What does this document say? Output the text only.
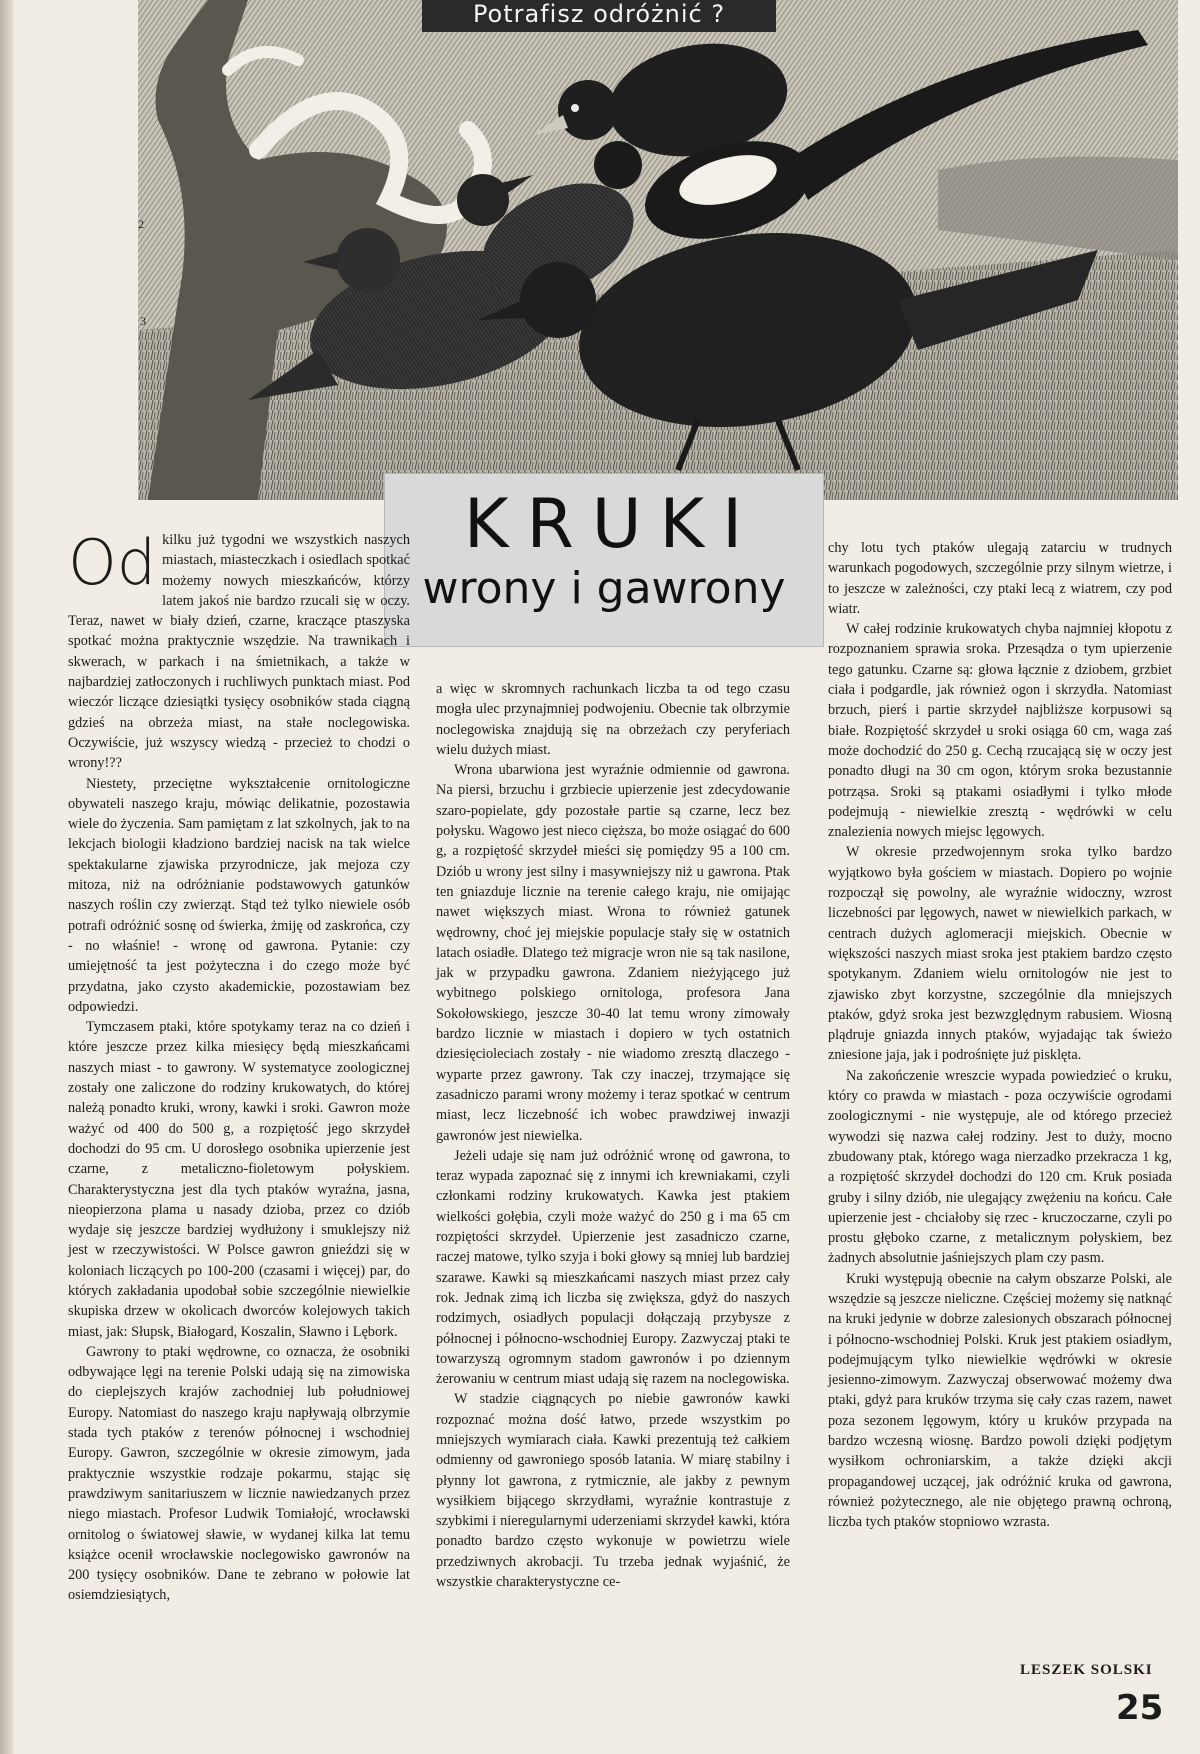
2
3
Potrafisz odróżnić ?
KRUKI
wrony i gawrony

Od kilku już tygodni we wszystkich naszych miastach, miasteczkach i osiedlach spotkać możemy nowych mieszkańców, którzy latem jakoś nie bardzo rzucali się w oczy. Teraz, nawet w biały dzień, czarne, kraczące ptaszyska spotkać można praktycznie wszędzie. Na trawnikach i skwerach, w parkach i na śmietnikach, a także w najbardziej zatłoczonych i ruchliwych punktach miast. Pod wieczór liczące dziesiątki tysięcy osobników stada ciągną gdzieś na obrzeża miast, na stałe noclegowiska. Oczywiście, już wszyscy wiedzą - przecież to chodzi o wrony!??

Niestety, przeciętne wykształcenie ornitologiczne obywateli naszego kraju, mówiąc delikatnie, pozostawia wiele do życzenia. Sam pamiętam z lat szkolnych, jak to na lekcjach biologii kładziono bardziej nacisk na tak wielce spektakularne zjawiska przyrodnicze, jak mejoza czy mitoza, niż na odróżnianie podstawowych gatunków naszych roślin czy zwierząt. Stąd też tylko niewiele osób potrafi odróżnić sosnę od świerka, żmiję od zaskrońca, czy - no właśnie! - wronę od gawrona. Pytanie: czy umiejętność ta jest pożyteczna i do czego może być przydatna, jako czysto akademickie, pozostawiam bez odpowiedzi.

Tymczasem ptaki, które spotykamy teraz na co dzień i które jeszcze przez kilka miesięcy będą mieszkańcami naszych miast - to gawrony. W systematyce zoologicznej zostały one zaliczone do rodziny krukowatych, do której należą ponadto kruki, wrony, kawki i sroki. Gawron może ważyć od 400 do 500 g, a rozpiętość jego skrzydeł dochodzi do 95 cm. U dorosłego osobnika upierzenie jest czarne, z metaliczno-fioletowym połyskiem. Charakterystyczna jest dla tych ptaków wyraźna, jasna, nieopierzona plama u nasady dzioba, przez co dziób wydaje się jeszcze bardziej wydłużony i smuklejszy niż jest w rzeczywistości. W Polsce gawron gnieździ się w koloniach liczących po 100-200 (czasami i więcej) par, do których zakładania upodobał sobie szczególnie niewielkie skupiska drzew w okolicach dworców kolejowych takich miast, jak: Słupsk, Białogard, Koszalin, Sławno i Lębork.

Gawrony to ptaki wędrowne, co oznacza, że osobniki odbywające lęgi na terenie Polski udają się na zimowiska do cieplejszych krajów zachodniej lub południowej Europy. Natomiast do naszego kraju napływają olbrzymie stada tych ptaków z terenów północnej i wschodniej Europy. Gawron, szczególnie w okresie zimowym, jada praktycznie wszystkie rodzaje pokarmu, stając się prawdziwym sanitariuszem w licznie nawiedzanych przez niego miastach. Profesor Ludwik Tomiałojć, wrocławski ornitolog o światowej sławie, w wydanej kilka lat temu książce ocenił wrocławskie noclegowisko gawronów na 200 tysięcy osobników. Dane te zebrano w połowie lat osiemdziesiątych,

a więc w skromnych rachunkach liczba ta od tego czasu mogła ulec przynajmniej podwojeniu. Obecnie tak olbrzymie noclegowiska znajdują się na obrzeżach czy peryferiach wielu dużych miast.

Wrona ubarwiona jest wyraźnie odmiennie od gawrona. Na piersi, brzuchu i grzbiecie upierzenie jest zdecydowanie szaro-popielate, gdy pozostałe partie są czarne, lecz bez połysku. Wagowo jest nieco cięższa, bo może osiągać do 600 g, a rozpiętość skrzydeł mieści się pomiędzy 95 a 100 cm. Dziób u wrony jest silny i masywniejszy niż u gawrona. Ptak ten gniazduje licznie na terenie całego kraju, nie omijając nawet większych miast. Wrona to również gatunek wędrowny, choć jej miejskie populacje stały się w ostatnich latach osiadłe. Dlatego też migracje wron nie są tak nasilone, jak w przypadku gawrona. Zdaniem nieżyjącego już wybitnego polskiego ornitologa, profesora Jana Sokołowskiego, jeszcze 30-40 lat temu wrony zimowały bardzo licznie w miastach i dopiero w tych ostatnich dziesięcioleciach zostały - nie wiadomo zresztą dlaczego - wyparte przez gawrony. Tak czy inaczej, trzymające się zasadniczo parami wrony możemy i teraz spotkać w centrum miast, lecz liczebność ich wobec prawdziwej inwazji gawronów jest niewielka.

Jeżeli udaje się nam już odróżnić wronę od gawrona, to teraz wypada zapoznać się z innymi ich krewniakami, czyli członkami rodziny krukowatych. Kawka jest ptakiem wielkości gołębia, czyli może ważyć do 250 g i ma 65 cm rozpiętości skrzydeł. Upierzenie jest zasadniczo czarne, raczej matowe, tylko szyja i boki głowy są mniej lub bardziej szarawe. Kawki są mieszkańcami naszych miast przez cały rok. Jednak zimą ich liczba się zwiększa, gdyż do naszych rodzimych, osiadłych populacji dołączają przybysze z północnej i północno-wschodniej Europy. Zazwyczaj ptaki te towarzyszą ogromnym stadom gawronów i po dziennym żerowaniu w centrum miast udają się razem na noclegowiska.

W stadzie ciągnących po niebie gawronów kawki rozpoznać można dość łatwo, przede wszystkim po mniejszych wymiarach ciała. Kawki prezentują też całkiem odmienny od gawroniego sposób latania. W miarę stabilny i płynny lot gawrona, z rytmicznie, ale jakby z pewnym wysiłkiem bijącego skrzydłami, wyraźnie kontrastuje z szybkimi i nieregularnymi uderzeniami skrzydeł kawki, która ponadto bardzo często wykonuje w powietrzu wiele przedziwnych akrobacji. Tu trzeba jednak wyjaśnić, że wszystkie charakterystyczne ce-

chy lotu tych ptaków ulegają zatarciu w trudnych warunkach pogodowych, szczególnie przy silnym wietrze, i to jeszcze w zależności, czy ptaki lecą z wiatrem, czy pod wiatr.

W całej rodzinie krukowatych chyba najmniej kłopotu z rozpoznaniem sprawia sroka. Przesądza o tym upierzenie tego gatunku. Czarne są: głowa łącznie z dziobem, grzbiet ciała i podgardle, jak również ogon i skrzydła. Natomiast brzuch, pierś i partie skrzydeł najbliższe korpusowi są białe. Rozpiętość skrzydeł u sroki osiąga 60 cm, waga zaś może dochodzić do 250 g. Cechą rzucającą się w oczy jest ponadto długi na 30 cm ogon, którym sroka bezustannie potrząsa. Sroki są ptakami osiadłymi i tylko młode podejmują - niewielkie zresztą - wędrówki w celu znalezienia nowych miejsc lęgowych.

W okresie przedwojennym sroka tylko bardzo wyjątkowo była gościem w miastach. Dopiero po wojnie rozpoczął się powolny, ale wyraźnie widoczny, wzrost liczebności par lęgowych, nawet w niewielkich parkach, w centrach dużych aglomeracji miejskich. Obecnie w większości naszych miast sroka jest ptakiem bardzo często spotykanym. Zdaniem wielu ornitologów nie jest to zjawisko zbyt korzystne, szczególnie dla mniejszych ptaków, gdyż sroka jest bezwzględnym rabusiem. Wiosną plądruje gniazda innych ptaków, wyjadając tak świeżo zniesione jaja, jak i podrośnięte już pisklęta.

Na zakończenie wreszcie wypada powiedzieć o kruku, który co prawda w miastach - poza oczywiście ogrodami zoologicznymi - nie występuje, ale od którego przecież wywodzi się nazwa całej rodziny. Jest to duży, mocno zbudowany ptak, którego waga nierzadko przekracza 1 kg, a rozpiętość skrzydeł dochodzi do 120 cm. Kruk posiada gruby i silny dziób, nie ulegający zwężeniu na końcu. Całe upierzenie jest - chciałoby się rzec - kruczoczarne, czyli po prostu głęboko czarne, z metalicznym połyskiem, bez żadnych absolutnie jaśniejszych plam czy pasm.

Kruki występują obecnie na całym obszarze Polski, ale wszędzie są jeszcze nieliczne. Częściej możemy się natknąć na kruki jedynie w dobrze zalesionych obszarach północnej i północno-wschodniej Polski. Kruk jest ptakiem osiadłym, podejmującym tylko niewielkie wędrówki w okresie jesienno-zimowym. Zazwyczaj obserwować możemy dwa ptaki, gdyż para kruków trzyma się cały czas razem, nawet poza sezonem lęgowym, który u kruków przypada na bardzo wczesną wiosnę. Bardzo powoli dzięki podjętym wysiłkom ochroniarskim, a także dzięki akcji propagandowej uczącej, jak odróżnić kruka od gawrona, również pożytecznego, ale nie objętego prawną ochroną, liczba tych ptaków stopniowo wzrasta.

LESZEK SOLSKI
25
